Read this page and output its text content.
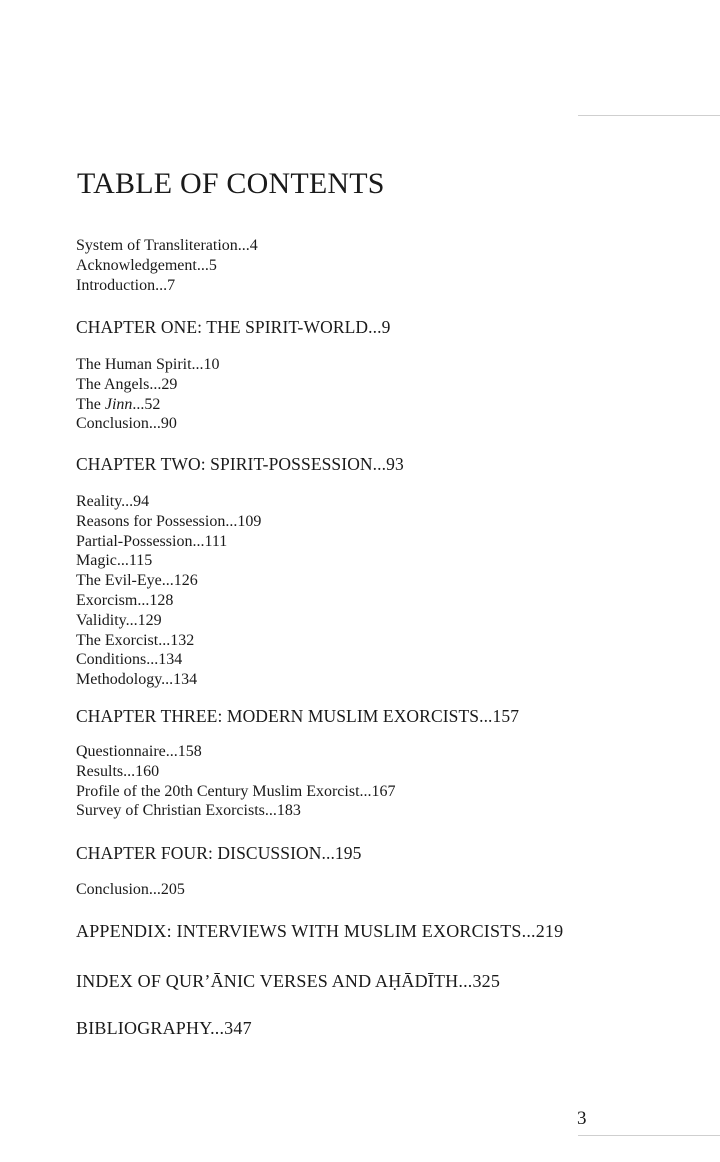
TABLE OF CONTENTS

System of Transliteration...4

Acknowledgement...5

Introduction...7

CHAPTER ONE: THE SPIRIT-WORLD...9

The Human Spirit...10

The Angels...29

The Jinn...52

Conclusion...90

CHAPTER TWO: SPIRIT-POSSESSION...93

Reality...94

Reasons for Possession...109

Partial-Possession...111

Magic...115

The Evil-Eye...126

Exorcism...128

Validity...129

The Exorcist...132

Conditions...134

Methodology...134

CHAPTER THREE: MODERN MUSLIM EXORCISTS...157

Questionnaire...158

Results...160

Profile of the 20th Century Muslim Exorcist...167

Survey of Christian Exorcists...183

CHAPTER FOUR: DISCUSSION...195

Conclusion...205

APPENDIX: INTERVIEWS WITH MUSLIM EXORCISTS...219

INDEX OF QUR’ĀNIC VERSES AND AḤĀDĪTH...325

BIBLIOGRAPHY...347

3
